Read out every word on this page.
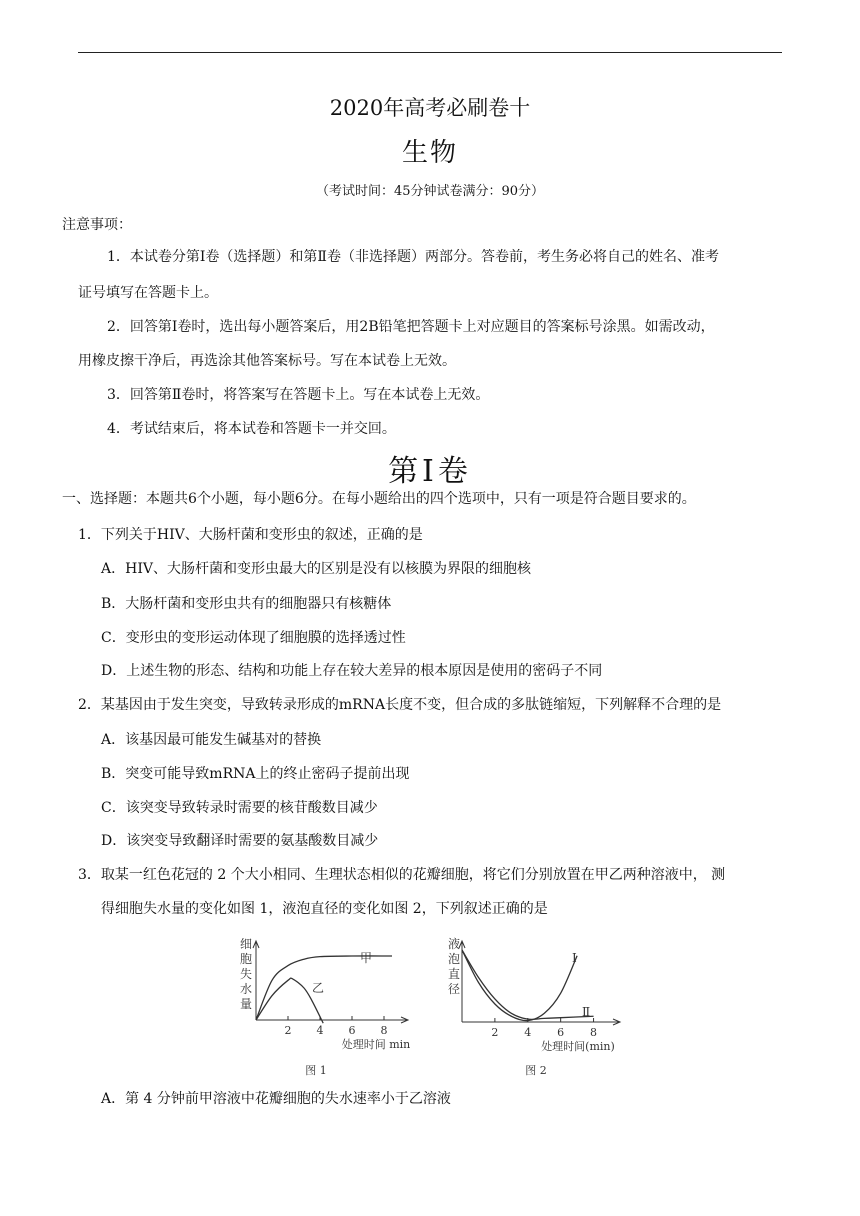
2020年高考必刷卷十
生物
（考试时间：45分钟试卷满分：90分）
注意事项：
1．本试卷分第Ⅰ卷（选择题）和第Ⅱ卷（非选择题）两部分。答卷前，考生务必将自己的姓名、准考
证号填写在答题卡上。
2．回答第Ⅰ卷时，选出每小题答案后，用2B铅笔把答题卡上对应题目的答案标号涂黑。如需改动，
用橡皮擦干净后，再选涂其他答案标号。写在本试卷上无效。
3．回答第Ⅱ卷时，将答案写在答题卡上。写在本试卷上无效。
4．考试结束后，将本试卷和答题卡一并交回。
第Ⅰ卷
一、选择题：本题共6个小题，每小题6分。在每小题给出的四个选项中，只有一项是符合题目要求的。
1．下列关于HIV、大肠杆菌和变形虫的叙述，正确的是
A．HIV、大肠杆菌和变形虫最大的区别是没有以核膜为界限的细胞核
B．大肠杆菌和变形虫共有的细胞器只有核糖体
C．变形虫的变形运动体现了细胞膜的选择透过性
D．上述生物的形态、结构和功能上存在较大差异的根本原因是使用的密码子不同
2．某基因由于发生突变，导致转录形成的mRNA长度不变，但合成的多肽链缩短，下列解释不合理的是
A．该基因最可能发生碱基对的替换
B．突变可能导致mRNA上的终止密码子提前出现
C．该突变导致转录时需要的核苷酸数目减少
D．该突变导致翻译时需要的氨基酸数目减少
3．取某一红色花冠的 2 个大小相同、生理状态相似的花瓣细胞，将它们分别放置在甲乙两种溶液中， 测
得细胞失水量的变化如图 1，液泡直径的变化如图 2，下列叙述正确的是
细
胞
失
水
量
2 4 6 8
处理时间 min
甲
乙
图 1
液
泡
直
径
2 4 6 8
处理时间(min)
Ⅰ
Ⅱ
图 2
A．第 4 分钟前甲溶液中花瓣细胞的失水速率小于乙溶液
